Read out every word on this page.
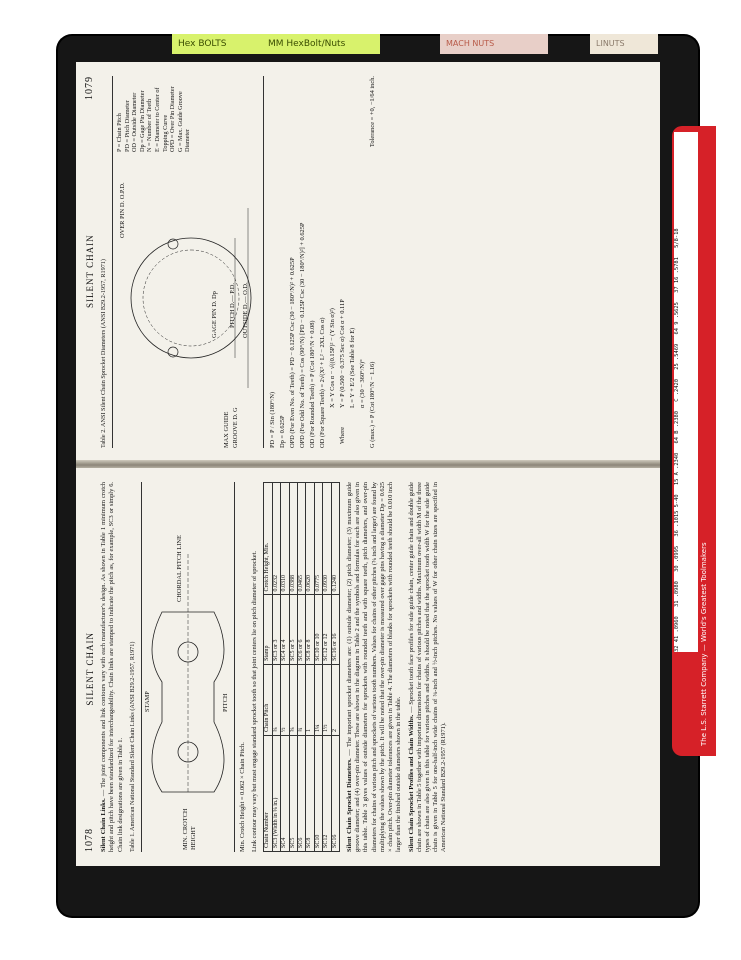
Hex BOLTS	MM HexBolt/Nuts	MACH NUTS	LINUTS
SILENT CHAIN
1079
Table 2. ANSI Silent Chain Sprocket Diameters (ANSI B29.2-1957, R1971)
OVER PIN D. O.P.D.
MAX GUIDE GROOVE D. G
GAGE PIN D. Dp PITCH D.— P.D. OUTSIDE D.— O.D.
P = Chain Pitch PD = Pitch Diameter OD = Outside Diameter Dp = Gage Pin Diameter N = Number of Teeth E = Diameter to Center of Topping Curve OPD = Over Pin Diameter G = Max. Guide Groove Diameter
PD = P / Sin (180°/N) Dp = 0.625P OPD (For Even No. of Teeth) = PD − 0.125P Csc (30 − 180°/N)² + 0.625P OPD (For Odd No. of Teeth) = Cos (90°/N) [PD − 0.125P Csc (30 − 180°/N)²] + 0.625P OD (For Rounded Teeth) = P (Cot 180°/N + 0.08) OD (For Square Teeth) = 2√(X² + L² − 2XL Cos α)	Where
X = Y Cos α − √((0.15P)² − (Y Sin α)²) Y = P (0.500 − 0.375 Sec α) Cot α + 0.11P L = Y + E/2 (See Table 8 for E) α = (30 − 360°/N)° G (max.) = P (Cot 180°/N − 1.16)
Tolerance = +0, −1/64 inch.
1078
SILENT CHAIN

Silent Chain Links. — The joint components and link contours vary with each manufacturer's design. As shown in Table 1 minimum crotch height and pitch have been standardized for interchangeability. Chain links are stamped to indicate the pitch as, for example, SC3 or simply 6. Chain link designations are given in Table 1. Table 1. American National Standard Silent Chain Links (ANSI B29.2-1957, R1971)	MIN. CROTCH HEIGHT
STAMP
CHORDAL PITCH LINE
PITCH

Min. Crotch Height = 0.062 × Chain Pitch. Link contour may vary but must engage standard sprocket tooth so that joint centers lie on pitch diameter of sprocket. Chain Number	Chain Pitch	Stamp	Crotch Height, Min.
SC3 (Width in ⅛ in.)	⅜	SC3 or 3	0.0232
SC4	½	SC4 or 4	0.0310
SC5	⅝	SC5 or 5	0.0388
SC6	¾	SC6 or 6	0.0465
SC8	1	SC8 or 8	0.0620
SC10	1¼	SC10 or 10	0.0775
SC12	1½	SC12 or 12	0.0930
SC16	2	SC16 or 16	0.1240

Silent Chain Sprocket Diameters. — The important sprocket diameters are: (1) outside diameter; (2) pitch diameter; (3) maximum guide groove diameter; and (4) over-pin diameter. These are shown in the diagram in Table 2 and the symbols and formulas for each are also given in this table. Table 3 gives values of outside diameters for sprockets with rounded teeth and with square teeth, pitch diameters, and over-pin diameters for chains of various pitch and sprockets of various tooth numbers. Values for chains of other pitches (⅝ inch and larger) are found by multiplying the values shown by the pitch. It will be noted that the over-pin diameter is measured over gage pins having a diameter Dp = 0.625 × chain pitch. Over-pin diameter tolerances are given in Table 4. The diameters of blanks for sprockets with rounded teeth should be 0.010 inch larger than the finished outside diameters shown in the table. Silent Chain Sprocket Profiles and Chain Widths. — Sprocket tooth face profiles for side guide chain, center guide chain and double guide chain are shown in Table 5 together with important dimensions for chains of various pitches and widths. Maximum over-all width M of the three types of chain are also given in this table for various pitches and widths. It should be noted that the sprocket tooth width W for the side guide chain is given in Table 5 for one-half-inch wide chains of ⅜-inch and ½-inch pitches. No values of W for other chain sizes are specified in American National Standard B29.2-1957 (R1971).

32 41 .0960 31 .0980 30 .0995 36 .1015 5-40 15 A .2340 64 B .2380 C .2420 25 .5469 64 9 .5625 37 16 .5781 5/8-18
The L.S. Starrett Company — World's Greatest Toolmakers
